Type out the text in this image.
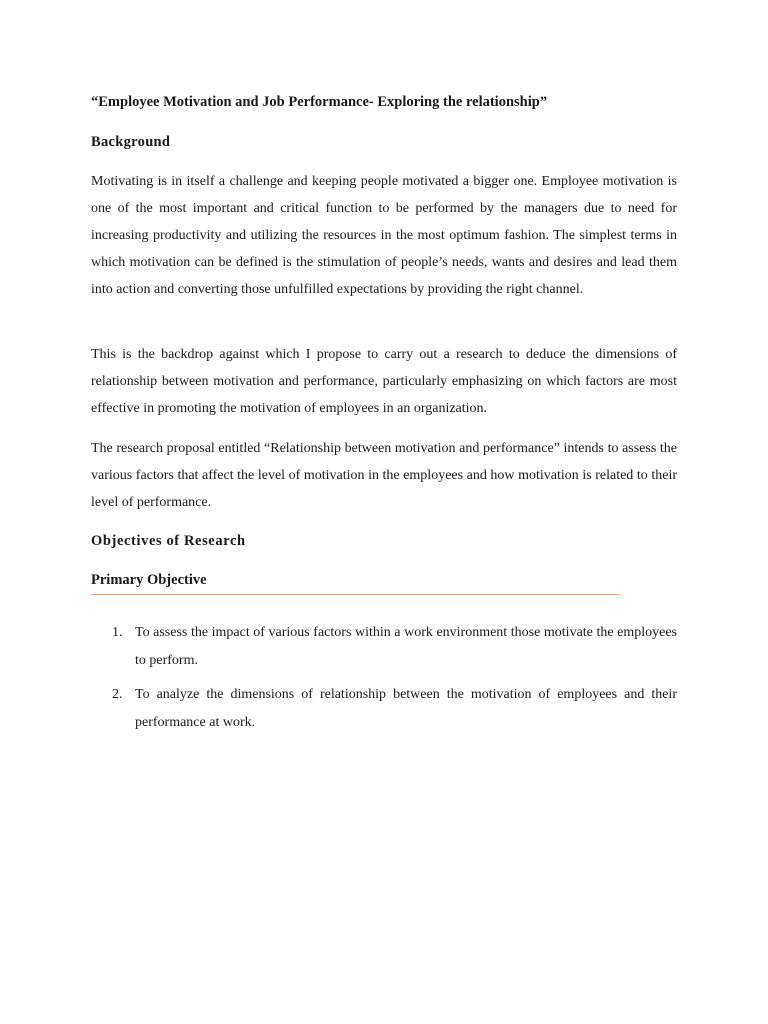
“Employee Motivation and Job Performance- Exploring the relationship”
Background

Motivating is in itself a challenge and keeping people motivated a bigger one. Employee motivation is one of the most important and critical function to be performed by the managers due to need for increasing productivity and utilizing the resources in the most optimum fashion. The simplest terms in which motivation can be defined is the stimulation of people’s needs, wants and desires and lead them into action and converting those unfulfilled expectations by providing the right channel.

This is the backdrop against which I propose to carry out a research to deduce the dimensions of relationship between motivation and performance, particularly emphasizing on which factors are most effective in promoting the motivation of employees in an organization.

The research proposal entitled “Relationship between motivation and performance” intends to assess the various factors that affect the level of motivation in the employees and how motivation is related to their level of performance.

Objectives of Research
Primary Objective
1. To assess the impact of various factors within a work environment those motivate the employees to perform.
2. To analyze the dimensions of relationship between the motivation of employees and their performance at work.
